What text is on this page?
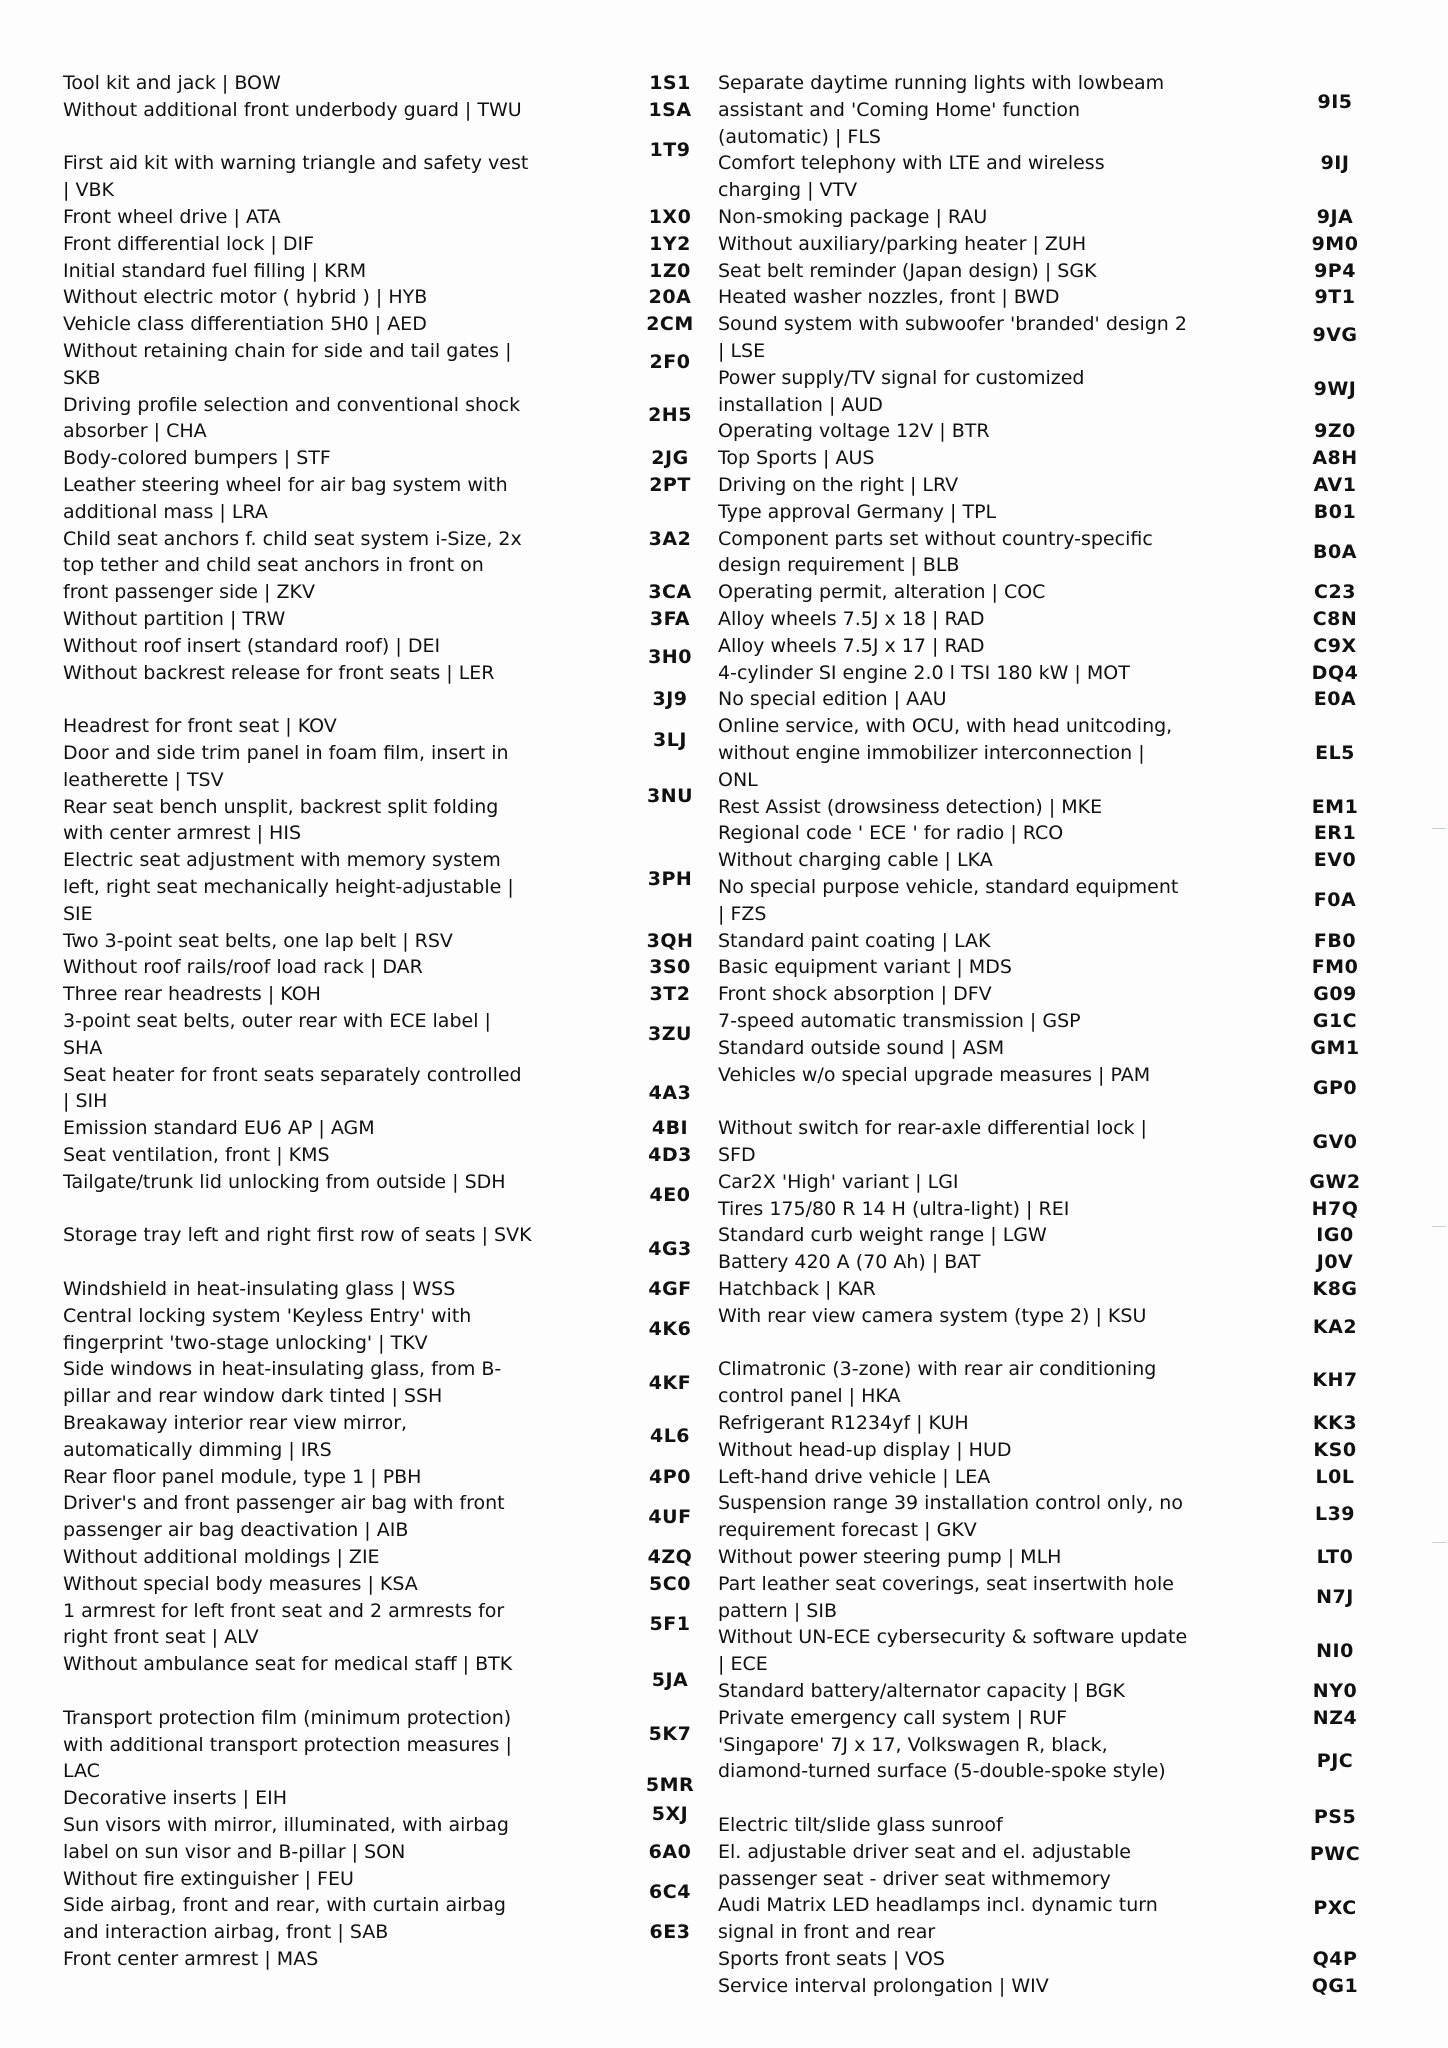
Tool kit and jack | BOW
Without additional front underbody guard | TWU
First aid kit with warning triangle and safety vest | VBK
Front wheel drive | ATA
Front differential lock | DIF
Initial standard fuel filling | KRM
Without electric motor ( hybrid ) | HYB
Vehicle class differentiation 5H0 | AED
Without retaining chain for side and tail gates | SKB
Driving profile selection and conventional shock absorber | CHA
Body-colored bumpers | STF
Leather steering wheel for air bag system with additional mass | LRA
Child seat anchors f. child seat system i-Size, 2x top tether and child seat anchors in front on front passenger side | ZKV
Without partition | TRW
Without roof insert (standard roof) | DEI
Without backrest release for front seats | LER
Headrest for front seat | KOV
Door and side trim panel in foam film, insert in leatherette | TSV
Rear seat bench unsplit, backrest split folding with center armrest | HIS
Electric seat adjustment with memory system left, right seat mechanically height-adjustable | SIE
Two 3-point seat belts, one lap belt | RSV
Without roof rails/roof load rack | DAR
Three rear headrests | KOH
3-point seat belts, outer rear with ECE label | SHA
Seat heater for front seats separately controlled | SIH
Emission standard EU6 AP | AGM
Seat ventilation, front | KMS
Tailgate/trunk lid unlocking from outside | SDH
Storage tray left and right first row of seats | SVK
Windshield in heat-insulating glass | WSS
Central locking system 'Keyless Entry' with fingerprint 'two-stage unlocking' | TKV
Side windows in heat-insulating glass, from B-pillar and rear window dark tinted | SSH
Breakaway interior rear view mirror, automatically dimming | IRS
Rear floor panel module, type 1 | PBH
Driver's and front passenger air bag with front passenger air bag deactivation | AIB
Without additional moldings | ZIE
Without special body measures | KSA
1 armrest for left front seat and 2 armrests for right front seat | ALV
Without ambulance seat for medical staff | BTK
Transport protection film (minimum protection) with additional transport protection measures | LAC
Decorative inserts | EIH
Sun visors with mirror, illuminated, with airbag label on sun visor and B-pillar | SON
Without fire extinguisher | FEU
Side airbag, front and rear, with curtain airbag and interaction airbag, front | SAB
Front center armrest | MAS
1S1
1SA
1T9
1X0
1Y2
1Z0
20A
2CM
2F0
2H5
2JG
2PT
3A2
3CA
3FA
3H0
3J9
3LJ
3NU
3PH
3QH
3S0
3T2
3ZU
4A3
4BI
4D3
4E0
4G3
4GF
4K6
4KF
4L6
4P0
4UF
4ZQ
5C0
5F1
5JA
5K7
5MR
5XJ
6A0
6C4
6E3
Separate daytime running lights with lowbeam assistant and 'Coming Home' function (automatic) | FLS
Comfort telephony with LTE and wireless charging | VTV
Non-smoking package | RAU
Without auxiliary/parking heater | ZUH
Seat belt reminder (Japan design) | SGK
Heated washer nozzles, front | BWD
Sound system with subwoofer 'branded' design 2 | LSE
Power supply/TV signal for customized installation | AUD
Operating voltage 12V | BTR
Top Sports | AUS
Driving on the right | LRV
Type approval Germany | TPL
Component parts set without country-specific design requirement | BLB
Operating permit, alteration | COC
Alloy wheels 7.5J x 18 | RAD
Alloy wheels 7.5J x 17 | RAD
4-cylinder SI engine 2.0 l TSI 180 kW | MOT
No special edition | AAU
Online service, with OCU, with head unitcoding, without engine immobilizer interconnection | ONL
Rest Assist (drowsiness detection) | MKE
Regional code ' ECE ' for radio | RCO
Without charging cable | LKA
No special purpose vehicle, standard equipment | FZS
Standard paint coating | LAK
Basic equipment variant | MDS
Front shock absorption | DFV
7-speed automatic transmission | GSP
Standard outside sound | ASM
Vehicles w/o special upgrade measures | PAM
Without switch for rear-axle differential lock | SFD
Car2X 'High' variant | LGI
Tires 175/80 R 14 H (ultra-light) | REI
Standard curb weight range | LGW
Battery 420 A (70 Ah) | BAT
Hatchback | KAR
With rear view camera system (type 2) | KSU
Climatronic (3-zone) with rear air conditioning control panel | HKA
Refrigerant R1234yf | KUH
Without head-up display | HUD
Left-hand drive vehicle | LEA
Suspension range 39 installation control only, no requirement forecast | GKV
Without power steering pump | MLH
Part leather seat coverings, seat insertwith hole pattern | SIB
Without UN-ECE cybersecurity & software update | ECE
Standard battery/alternator capacity | BGK
Private emergency call system | RUF
'Singapore' 7J x 17, Volkswagen R, black, diamond-turned surface (5-double-spoke style)
Electric tilt/slide glass sunroof
El. adjustable driver seat and el. adjustable passenger seat - driver seat withmemory
Audi Matrix LED headlamps incl. dynamic turn signal in front and rear
Sports front seats | VOS
Service interval prolongation | WIV
9I5
9IJ
9JA
9M0
9P4
9T1
9VG
9WJ
9Z0
A8H
AV1
B01
B0A
C23
C8N
C9X
DQ4
E0A
EL5
EM1
ER1
EV0
F0A
FB0
FM0
G09
G1C
GM1
GP0
GV0
GW2
H7Q
IG0
J0V
K8G
KA2
KH7
KK3
KS0
L0L
L39
LT0
N7J
NI0
NY0
NZ4
PJC
PS5
PWC
PXC
Q4P
QG1
